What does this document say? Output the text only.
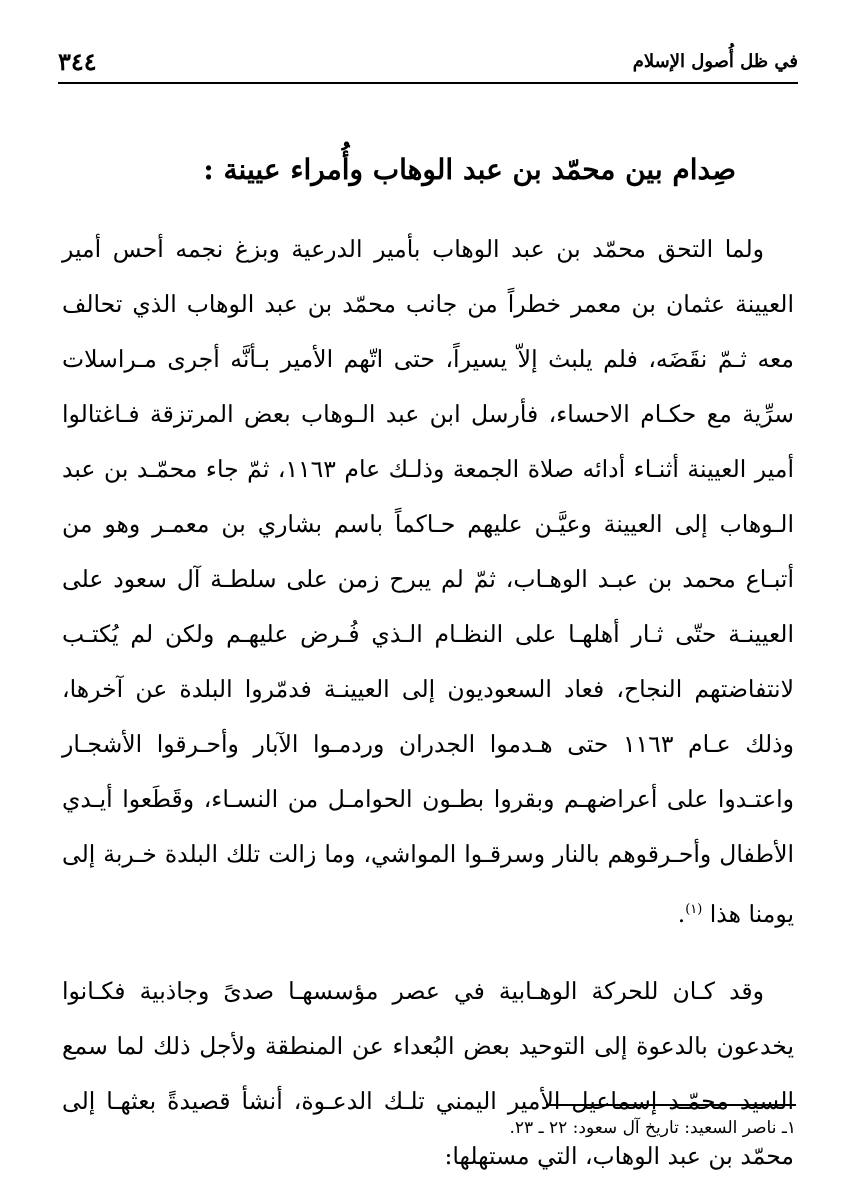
٣٤٤	في ظل أُصول الإسلام
صِدام بين محمّد بن عبد الوهاب وأُمراء عيينة :

ولما التحق محمّد بن عبد الوهاب بأمير الدرعية وبزغ نجمه أحس أمير العيينة عثمان بن معمر خطراً من جانب محمّد بن عبد الوهاب الذي تحالف معه ثـمّ نقَضَه، فلم يلبث إلاّ يسيراً، حتى اتّهم الأمير بـأنَّه أجرى مـراسلات سرِّية مع حكـام الاحساء، فأرسل ابن عبد الـوهاب بعض المرتزقة فـاغتالوا أمير العيينة أثنـاء أدائه صلاة الجمعة وذلـك عام ١١٦٣، ثمّ جاء محمّـد بن عبد الـوهاب إلى العيينة وعيَّـن عليهم حـاكماً باسم بشاري بن معمـر وهو من أتبـاع محمد بن عبـد الوهـاب، ثمّ لم يبرح زمن على سلطـة آل سعود على العيينـة حتّى ثـار أهلهـا على النظـام الـذي فُـرض عليهـم ولكن لم يُكتـب لانتفاضتهم النجاح، فعاد السعوديون إلى العيينـة فدمّروا البلدة عن آخرها، وذلك عـام ١١٦٣ حتى هـدموا الجدران وردمـوا الآبار وأحـرقوا الأشجـار واعتـدوا على أعراضهـم وبقروا بطـون الحوامـل من النسـاء، وقَطَعوا أيـدي الأطفال وأحـرقوهم بالنار وسرقـوا المواشي، وما زالت تلك البلدة خـربة إلى يومنا هذا $^{(١)}$.

وقد كـان للحركة الوهـابية في عصر مؤسسهـا صدىً وجاذبية فكـانوا يخدعون بالدعوة إلى التوحيد بعض البُعداء عن المنطقة ولأجل ذلك لما سمع السيد محمّـد إسماعيل الأمير اليمني تلـك الدعـوة، أنشأ قصيدةً بعثهـا إلى محمّد بن عبد الوهاب، التي مستهلها:

١ـ ناصر السعيد: تاريخ آل سعود: ٢٢ ـ ٢٣.
